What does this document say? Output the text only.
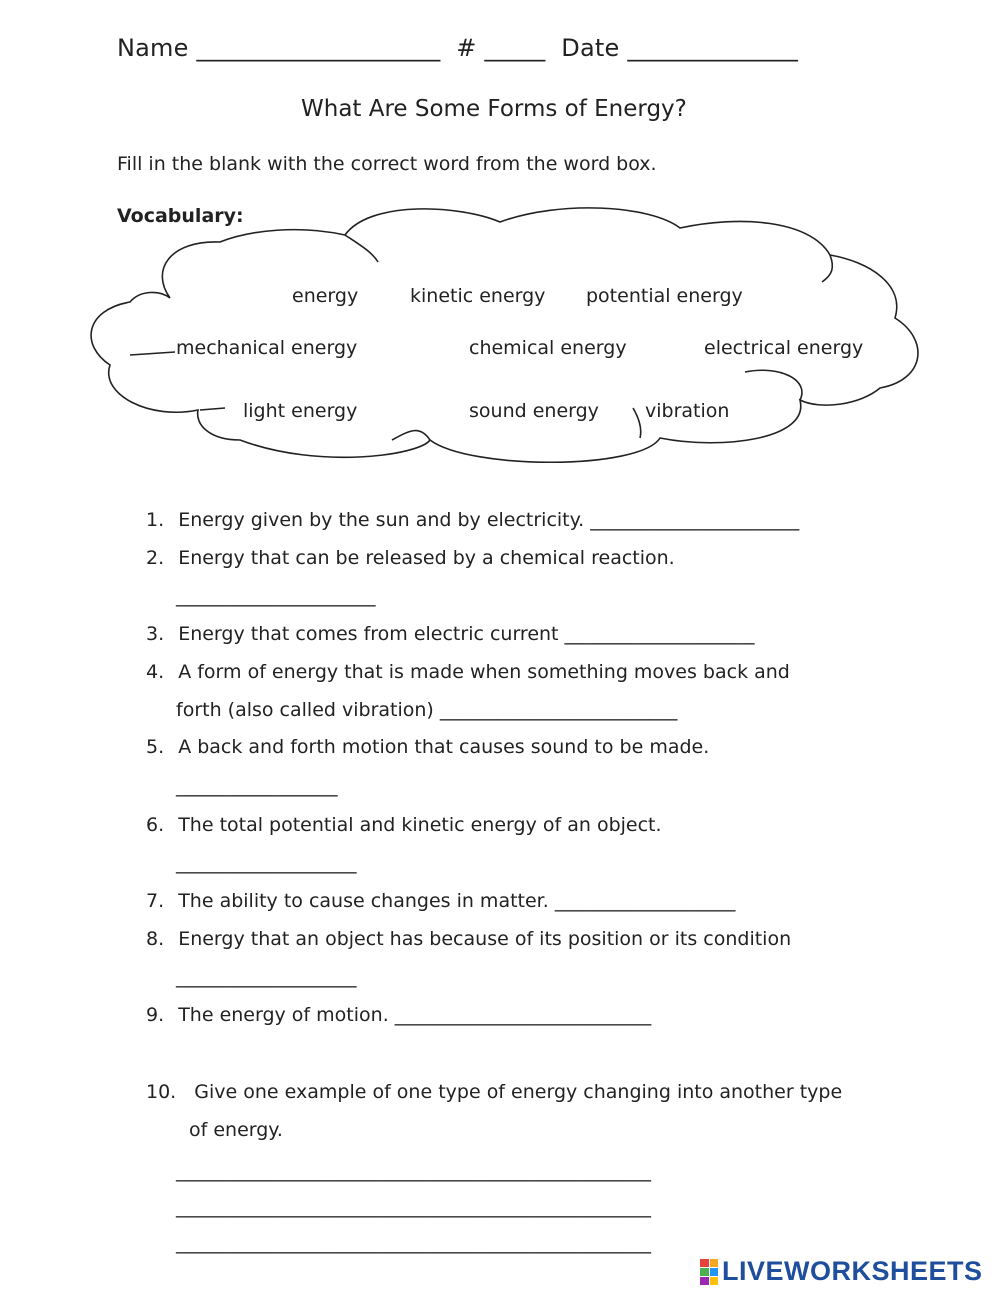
Name ____________________ # _____ Date ______________
What Are Some Forms of Energy?
Fill in the blank with the correct word from the word box.
Vocabulary:
energy	kinetic energy potential energy
mechanical energy	chemical energy	electrical energy
light energy	sound energy vibration
1. Energy given by the sun and by electricity. ______________________
2. Energy that can be released by a chemical reaction.
_____________________
3. Energy that comes from electric current ____________________
4. A form of energy that is made when something moves back and
forth (also called vibration) _________________________
5. A back and forth motion that causes sound to be made.
_________________
6. The total potential and kinetic energy of an object.
___________________
7. The ability to cause changes in matter. ___________________
8. Energy that an object has because of its position or its condition
___________________
9. The energy of motion. ___________________________
10. Give one example of one type of energy changing into another type
of energy.
__________________________________________________
__________________________________________________
__________________________________________________
LIVEWORKSHEETS
